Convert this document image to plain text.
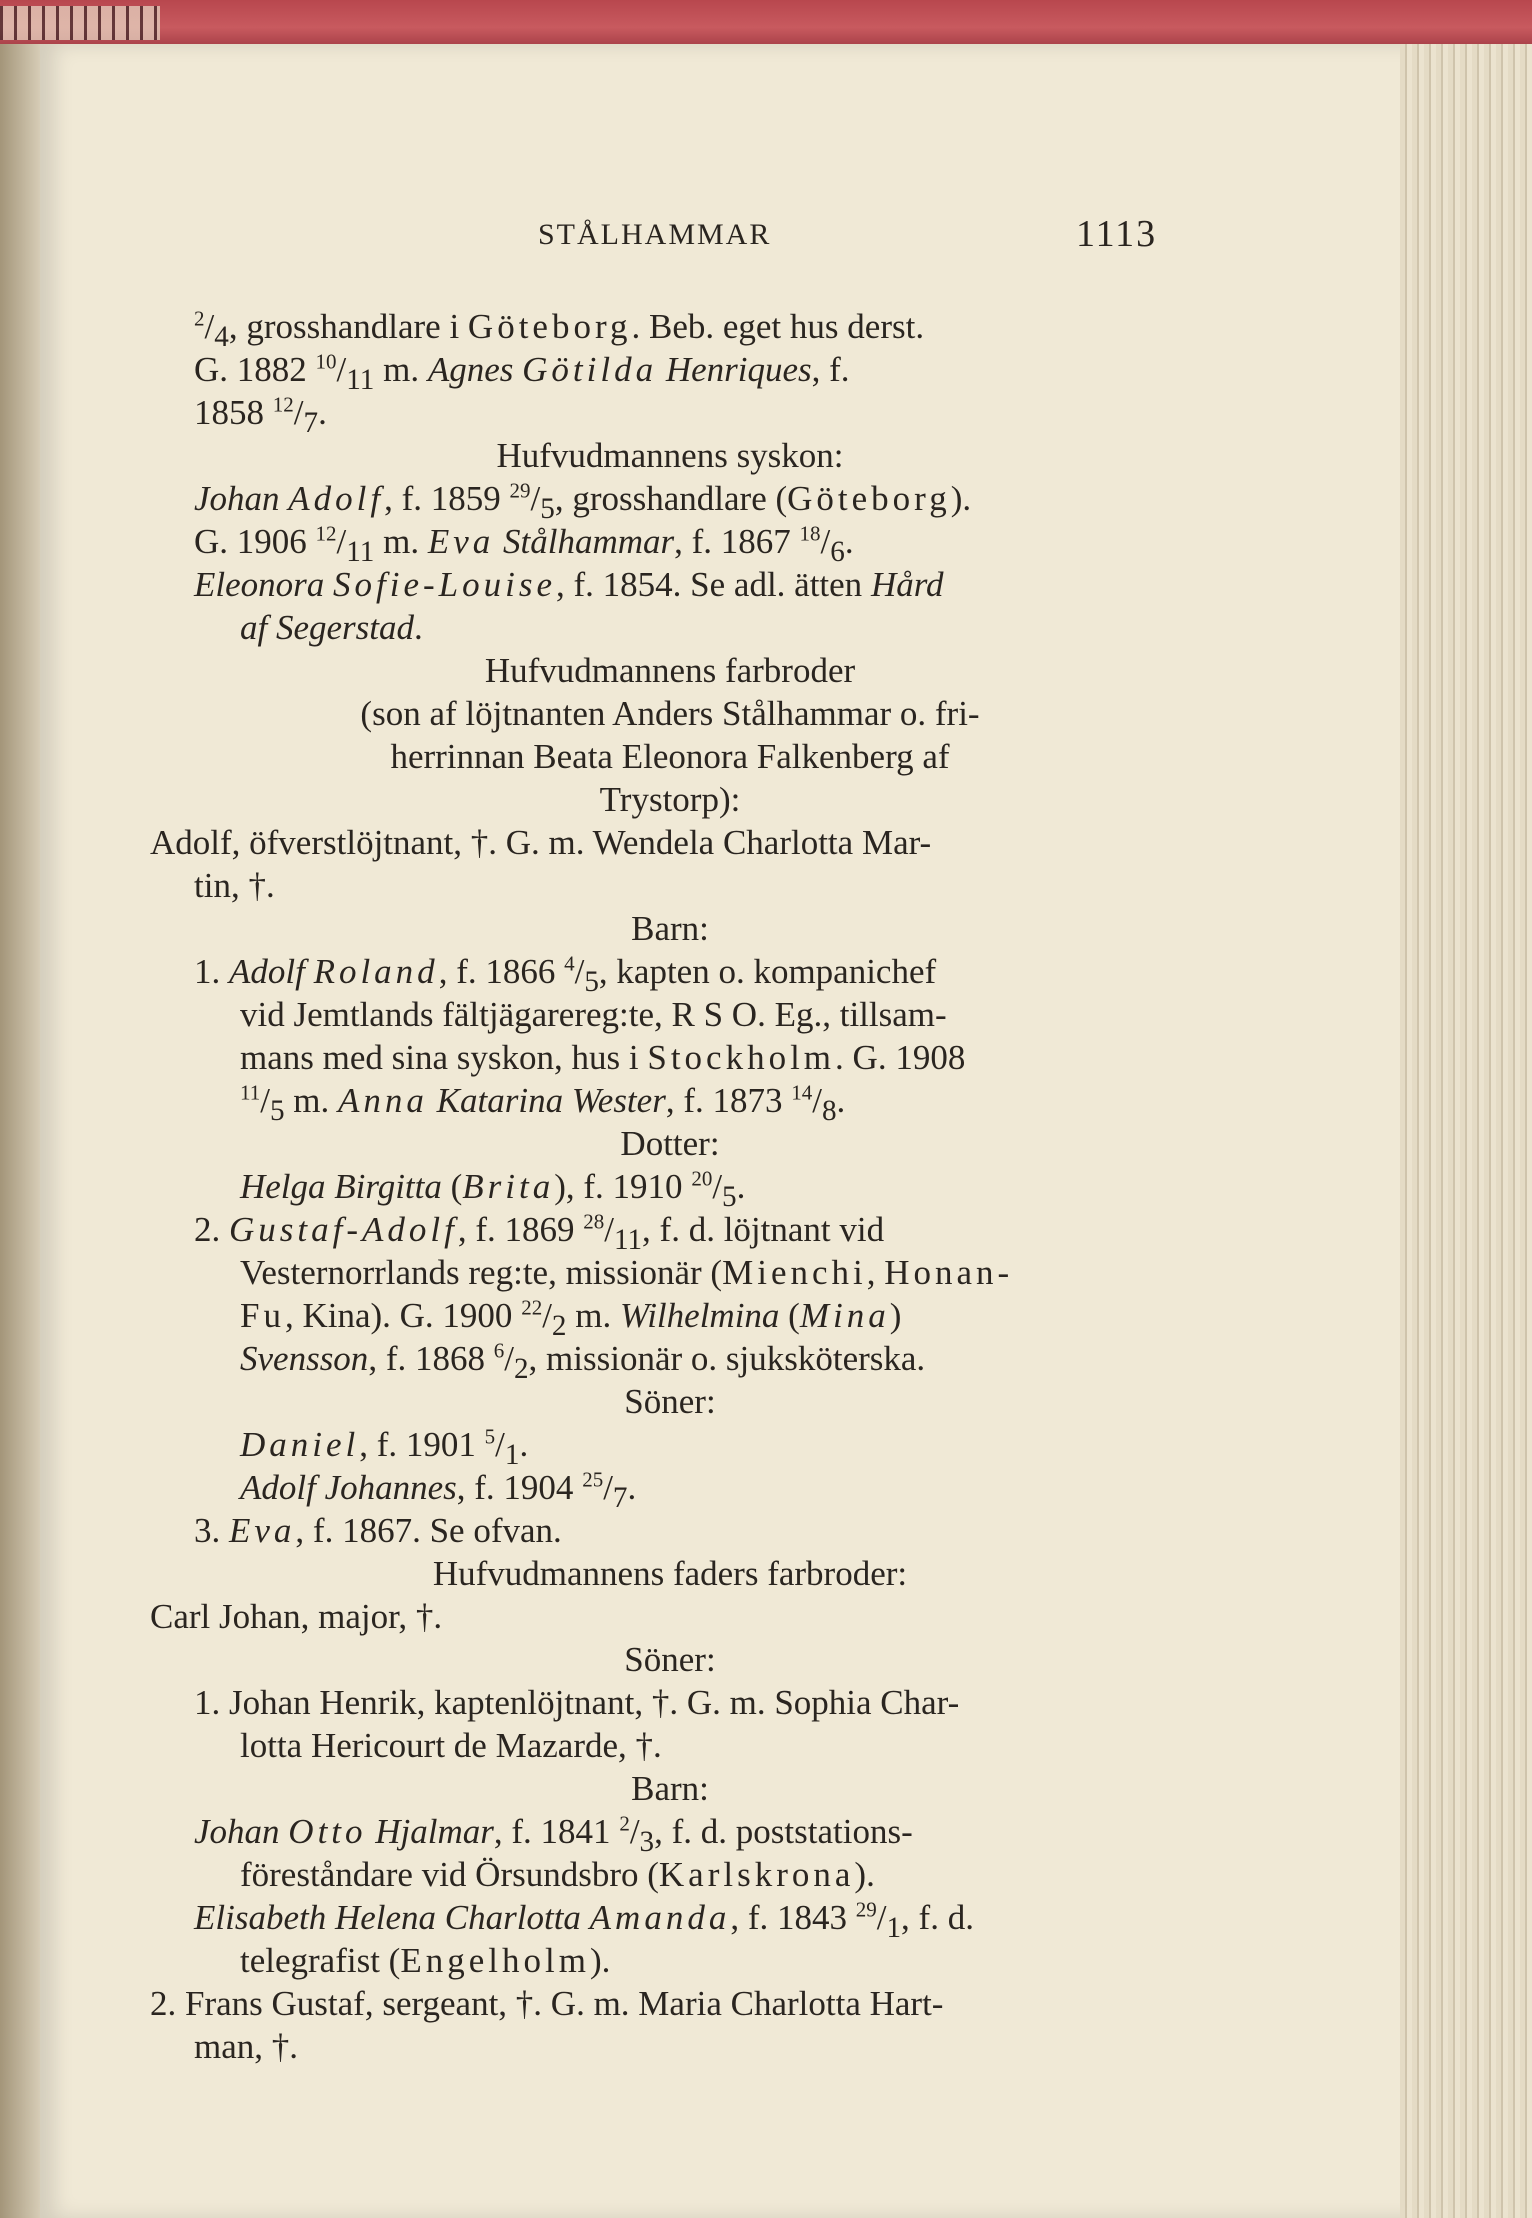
STÅLHAMMAR	1113
$^2/_4$, grosshandlare i Göteborg. Beb. eget hus derst.
G. 1882 $^{10}/_{11}$ m. Agnes Götilda Henriques, f.
1858 $^{12}/_7$.
Hufvudmannens syskon:
Johan Adolf, f. 1859 $^{29}/_5$, grosshandlare (Göteborg).
G. 1906 $^{12}/_{11}$ m. Eva Stålhammar, f. 1867 $^{18}/_6$.
Eleonora Sofie-Louise, f. 1854. Se adl. ätten Hård
af Segerstad.
Hufvudmannens farbroder
(son af löjtnanten Anders Stålhammar o. fri-
herrinnan Beata Eleonora Falkenberg af
Trystorp):
Adolf, öfverstlöjtnant, †. G. m. Wendela Charlotta Mar-
tin, †.
Barn:
1. Adolf Roland, f. 1866 $^4/_5$, kapten o. kompanichef
vid Jemtlands fältjägarereg:te, R S O. Eg., tillsam-
mans med sina syskon, hus i Stockholm. G. 1908
$^{11}/_5$ m. Anna Katarina Wester, f. 1873 $^{14}/_8$.
Dotter:
Helga Birgitta (Brita), f. 1910 $^{20}/_5$.
2. Gustaf-Adolf, f. 1869 $^{28}/_{11}$, f. d. löjtnant vid
Vesternorrlands reg:te, missionär (Mienchi, Honan-
Fu, Kina). G. 1900 $^{22}/_2$ m. Wilhelmina (Mina)
Svensson, f. 1868 $^6/_2$, missionär o. sjuksköterska.
Söner:
Daniel, f. 1901 $^5/_1$.
Adolf Johannes, f. 1904 $^{25}/_7$.
3. Eva, f. 1867. Se ofvan.
Hufvudmannens faders farbroder:
Carl Johan, major, †.
Söner:
1. Johan Henrik, kaptenlöjtnant, †. G. m. Sophia Char-
lotta Hericourt de Mazarde, †.
Barn:
Johan Otto Hjalmar, f. 1841 $^2/_3$, f. d. poststations-
föreståndare vid Örsundsbro (Karlskrona).
Elisabeth Helena Charlotta Amanda, f. 1843 $^{29}/_1$, f. d.
telegrafist (Engelholm).
2. Frans Gustaf, sergeant, †. G. m. Maria Charlotta Hart-
man, †.
